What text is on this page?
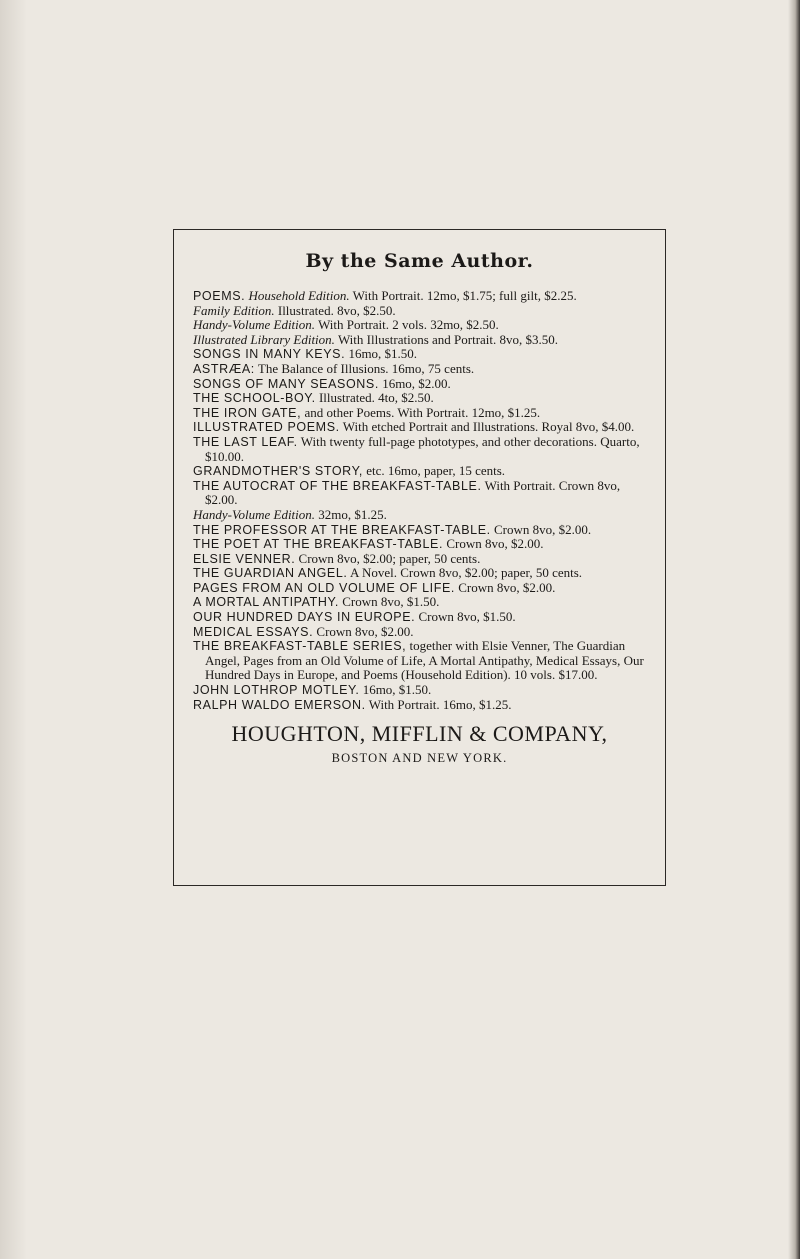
By the Same Author.
POEMS. Household Edition. With Portrait. 12mo, $1.75; full gilt, $2.25.
Family Edition. Illustrated. 8vo, $2.50.
Handy-Volume Edition. With Portrait. 2 vols. 32mo, $2.50.
Illustrated Library Edition. With Illustrations and Portrait. 8vo, $3.50.
SONGS IN MANY KEYS. 16mo, $1.50.
ASTRÆA: The Balance of Illusions. 16mo, 75 cents.
SONGS OF MANY SEASONS. 16mo, $2.00.
THE SCHOOL-BOY. Illustrated. 4to, $2.50.
THE IRON GATE, and other Poems. With Portrait. 12mo, $1.25.
ILLUSTRATED POEMS. With etched Portrait and Illustrations. Royal 8vo, $4.00.
THE LAST LEAF. With twenty full-page phototypes, and other decorations. Quarto, $10.00.
GRANDMOTHER'S STORY, etc. 16mo, paper, 15 cents.
THE AUTOCRAT OF THE BREAKFAST-TABLE. With Portrait. Crown 8vo, $2.00.
Handy-Volume Edition. 32mo, $1.25.
THE PROFESSOR AT THE BREAKFAST-TABLE. Crown 8vo, $2.00.
THE POET AT THE BREAKFAST-TABLE. Crown 8vo, $2.00.
ELSIE VENNER. Crown 8vo, $2.00; paper, 50 cents.
THE GUARDIAN ANGEL. A Novel. Crown 8vo, $2.00; paper, 50 cents.
PAGES FROM AN OLD VOLUME OF LIFE. Crown 8vo, $2.00.
A MORTAL ANTIPATHY. Crown 8vo, $1.50.
OUR HUNDRED DAYS IN EUROPE. Crown 8vo, $1.50.
MEDICAL ESSAYS. Crown 8vo, $2.00.
THE BREAKFAST-TABLE SERIES, together with Elsie Venner, The Guardian Angel, Pages from an Old Volume of Life, A Mortal Antipathy, Medical Essays, Our Hundred Days in Europe, and Poems (Household Edition). 10 vols. $17.00.
JOHN LOTHROP MOTLEY. 16mo, $1.50.
RALPH WALDO EMERSON. With Portrait. 16mo, $1.25.
HOUGHTON, MIFFLIN & COMPANY,
BOSTON AND NEW YORK.
